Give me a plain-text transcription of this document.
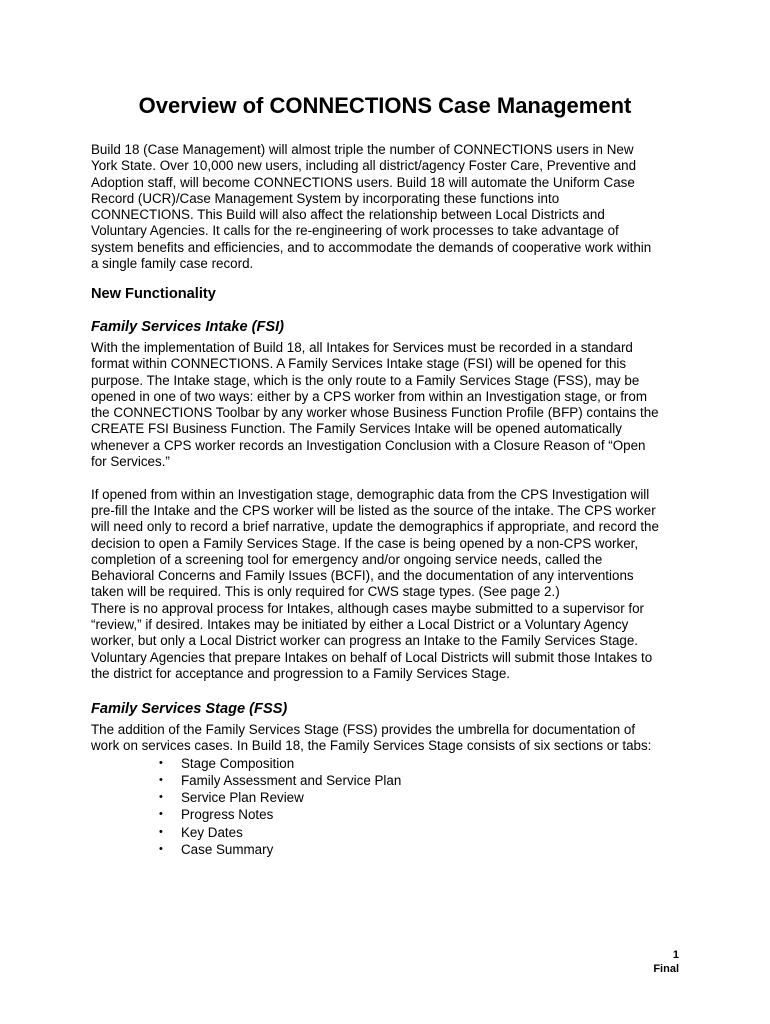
Overview of CONNECTIONS Case Management

Build 18 (Case Management) will almost triple the number of CONNECTIONS users in New
York State. Over 10,000 new users, including all district/agency Foster Care, Preventive and
Adoption staff, will become CONNECTIONS users. Build 18 will automate the Uniform Case
Record (UCR)/Case Management System by incorporating these functions into
CONNECTIONS. This Build will also affect the relationship between Local Districts and
Voluntary Agencies. It calls for the re-engineering of work processes to take advantage of
system benefits and efficiencies, and to accommodate the demands of cooperative work within
a single family case record.

New Functionality
Family Services Intake (FSI)

With the implementation of Build 18, all Intakes for Services must be recorded in a standard
format within CONNECTIONS. A Family Services Intake stage (FSI) will be opened for this
purpose. The Intake stage, which is the only route to a Family Services Stage (FSS), may be
opened in one of two ways: either by a CPS worker from within an Investigation stage, or from
the CONNECTIONS Toolbar by any worker whose Business Function Profile (BFP) contains the
CREATE FSI Business Function. The Family Services Intake will be opened automatically
whenever a CPS worker records an Investigation Conclusion with a Closure Reason of “Open
for Services.”

If opened from within an Investigation stage, demographic data from the CPS Investigation will
pre-fill the Intake and the CPS worker will be listed as the source of the intake. The CPS worker
will need only to record a brief narrative, update the demographics if appropriate, and record the
decision to open a Family Services Stage. If the case is being opened by a non-CPS worker,
completion of a screening tool for emergency and/or ongoing service needs, called the
Behavioral Concerns and Family Issues (BCFI), and the documentation of any interventions
taken will be required. This is only required for CWS stage types. (See page 2.)
There is no approval process for Intakes, although cases maybe submitted to a supervisor for
“review,” if desired. Intakes may be initiated by either a Local District or a Voluntary Agency
worker, but only a Local District worker can progress an Intake to the Family Services Stage.
Voluntary Agencies that prepare Intakes on behalf of Local Districts will submit those Intakes to
the district for acceptance and progression to a Family Services Stage.

Family Services Stage (FSS)

The addition of the Family Services Stage (FSS) provides the umbrella for documentation of
work on services cases. In Build 18, the Family Services Stage consists of six sections or tabs:

• Stage Composition
• Family Assessment and Service Plan
• Service Plan Review
• Progress Notes
• Key Dates
• Case Summary
1
Final
